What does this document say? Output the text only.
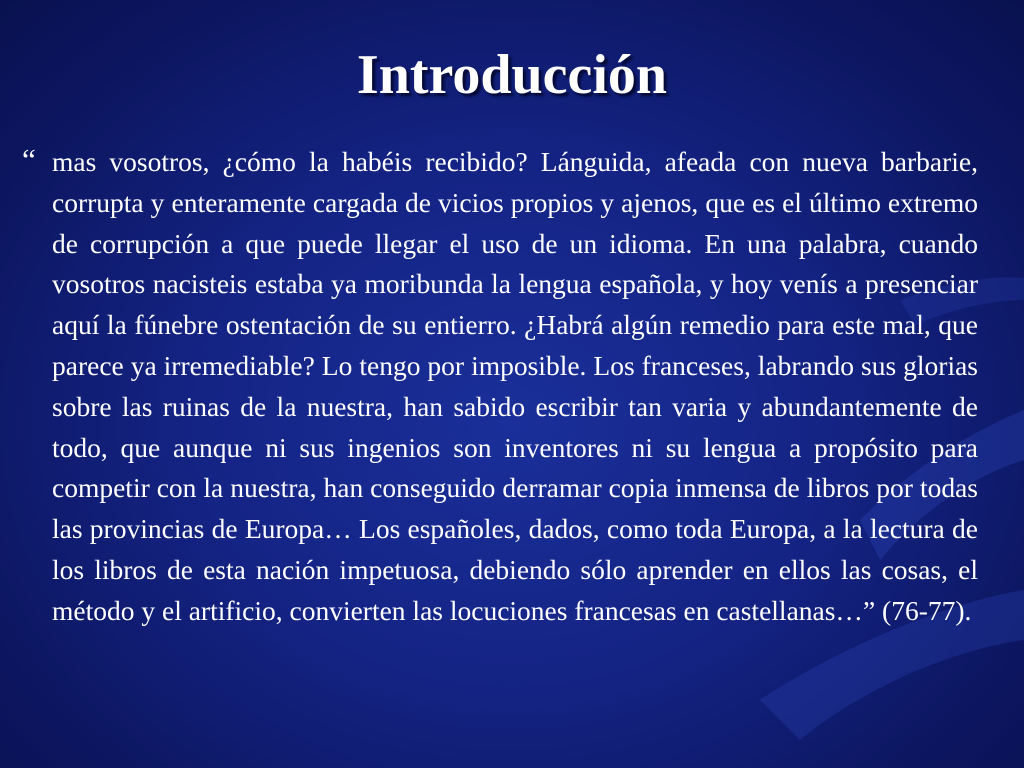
Introducción

“ mas vosotros, ¿cómo la habéis recibido? Lánguida, afeada con nueva barbarie, corrupta y enteramente cargada de vicios propios y ajenos, que es el último extremo de corrupción a que puede llegar el uso de un idioma. En una palabra, cuando vosotros nacisteis estaba ya moribunda la lengua española, y hoy venís a presenciar aquí la fúnebre ostentación de su entierro. ¿Habrá algún remedio para este mal, que parece ya irremediable? Lo tengo por imposible. Los franceses, labrando sus glorias sobre las ruinas de la nuestra, han sabido escribir tan varia y abundantemente de todo, que aunque ni sus ingenios son inventores ni su lengua a propósito para competir con la nuestra, han conseguido derramar copia inmensa de libros por todas las provincias de Europa… Los españoles, dados, como toda Europa, a la lectura de los libros de esta nación impetuosa, debiendo sólo aprender en ellos las cosas, el método y el artificio, convierten las locuciones francesas en castellanas…” (76-77).
